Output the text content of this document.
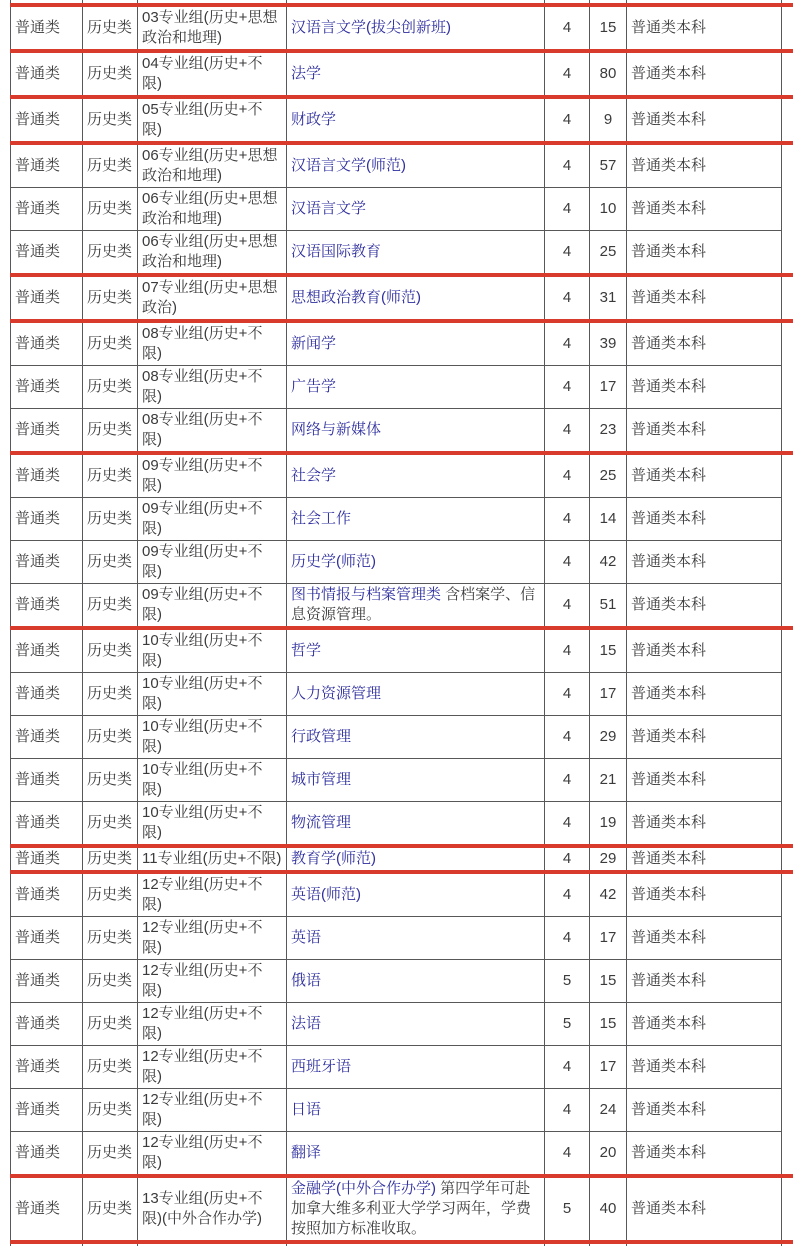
普通类	历史类	03专业组(历史+思想政治和地理)	汉语言文学(拔尖创新班)	4	15	普通类本科	
普通类	历史类	04专业组(历史+不限)	法学	4	80	普通类本科	
普通类	历史类	05专业组(历史+不限)	财政学	4	9	普通类本科	
普通类	历史类	06专业组(历史+思想政治和地理)	汉语言文学(师范)	4	57	普通类本科	
普通类	历史类	06专业组(历史+思想政治和地理)	汉语言文学	4	10	普通类本科	
普通类	历史类	06专业组(历史+思想政治和地理)	汉语国际教育	4	25	普通类本科	
普通类	历史类	07专业组(历史+思想政治)	思想政治教育(师范)	4	31	普通类本科	
普通类	历史类	08专业组(历史+不限)	新闻学	4	39	普通类本科	
普通类	历史类	08专业组(历史+不限)	广告学	4	17	普通类本科	
普通类	历史类	08专业组(历史+不限)	网络与新媒体	4	23	普通类本科	
普通类	历史类	09专业组(历史+不限)	社会学	4	25	普通类本科	
普通类	历史类	09专业组(历史+不限)	社会工作	4	14	普通类本科	
普通类	历史类	09专业组(历史+不限)	历史学(师范)	4	42	普通类本科	
普通类	历史类	09专业组(历史+不限)	图书情报与档案管理类 含档案学、信息资源管理。	4	51	普通类本科	
普通类	历史类	10专业组(历史+不限)	哲学	4	15	普通类本科	
普通类	历史类	10专业组(历史+不限)	人力资源管理	4	17	普通类本科	
普通类	历史类	10专业组(历史+不限)	行政管理	4	29	普通类本科	
普通类	历史类	10专业组(历史+不限)	城市管理	4	21	普通类本科	
普通类	历史类	10专业组(历史+不限)	物流管理	4	19	普通类本科	
普通类	历史类	11专业组(历史+不限)	教育学(师范)	4	29	普通类本科	
普通类	历史类	12专业组(历史+不限)	英语(师范)	4	42	普通类本科	
普通类	历史类	12专业组(历史+不限)	英语	4	17	普通类本科	
普通类	历史类	12专业组(历史+不限)	俄语	5	15	普通类本科	
普通类	历史类	12专业组(历史+不限)	法语	5	15	普通类本科	
普通类	历史类	12专业组(历史+不限)	西班牙语	4	17	普通类本科	
普通类	历史类	12专业组(历史+不限)	日语	4	24	普通类本科	
普通类	历史类	12专业组(历史+不限)	翻译	4	20	普通类本科	
普通类	历史类	13专业组(历史+不限)(中外合作办学)	金融学(中外合作办学) 第四学年可赴加拿大维多利亚大学学习两年，学费按照加方标准收取。	5	40	普通类本科	
